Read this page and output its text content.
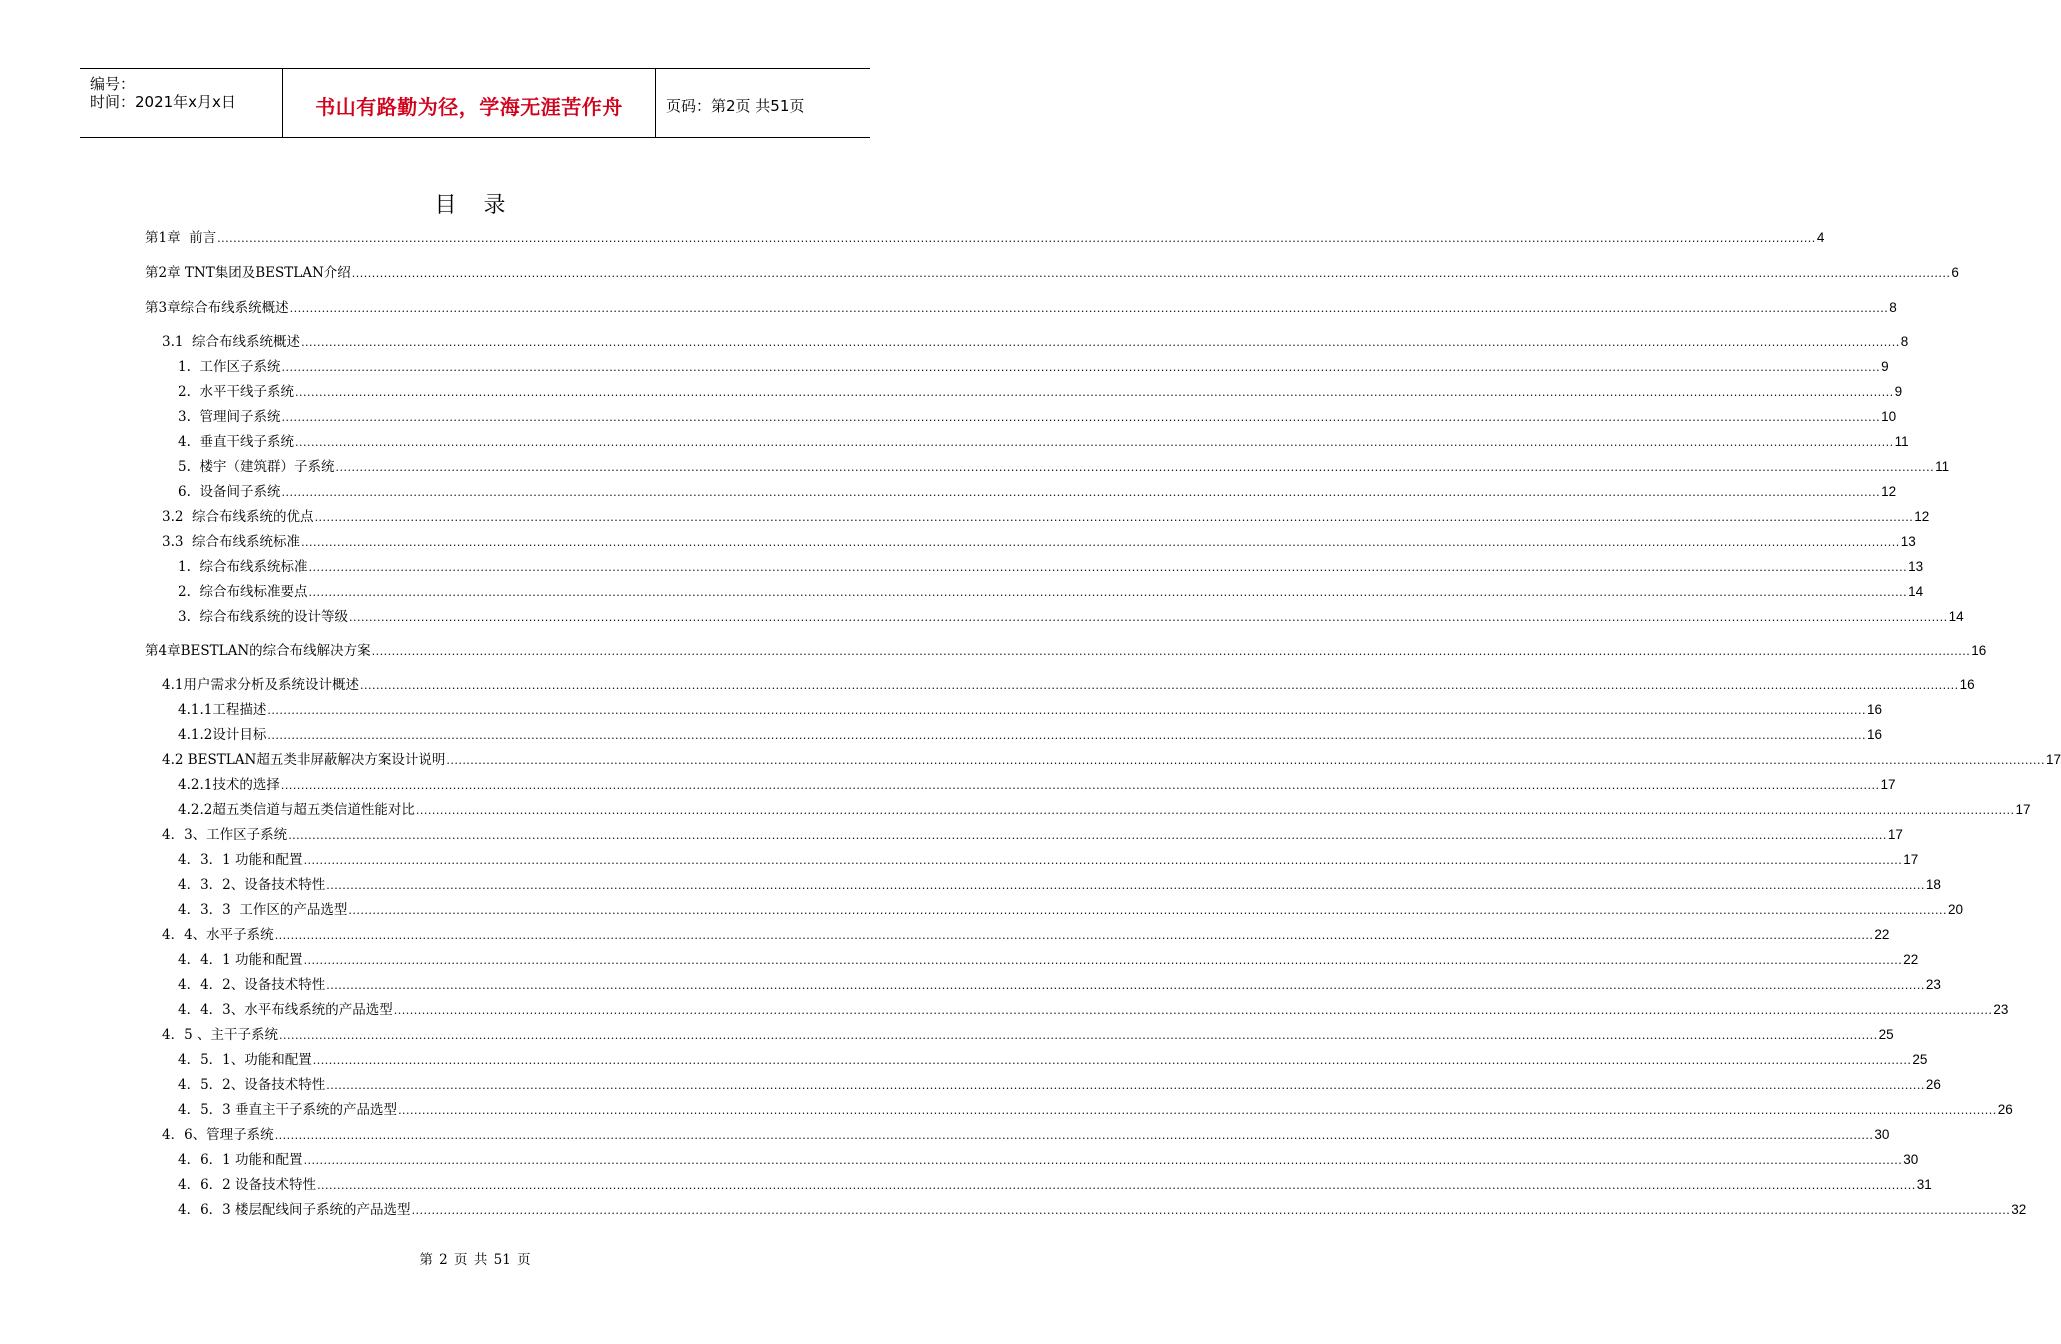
编号：
时间：2021年x月x日	书山有路勤为径，学海无涯苦作舟	页码：第2页 共51页
目 录
第1章  前言 ................................................................................................................................................................................................................................................................................................................................................................................................................ 4
第2章 TNT集团及BESTLAN介绍 ................................................................................................................................................................................................................................................................................................................................................................................................................ 6
第3章综合布线系统概述 ................................................................................................................................................................................................................................................................................................................................................................................................................ 8
3.1  综合布线系统概述 ................................................................................................................................................................................................................................................................................................................................................................................................................ 8
1.  工作区子系统 ................................................................................................................................................................................................................................................................................................................................................................................................................ 9
2.  水平干线子系统 ................................................................................................................................................................................................................................................................................................................................................................................................................ 9
3.  管理间子系统 ................................................................................................................................................................................................................................................................................................................................................................................................................ 10
4.  垂直干线子系统 ................................................................................................................................................................................................................................................................................................................................................................................................................ 11
5.  楼宇（建筑群）子系统 ................................................................................................................................................................................................................................................................................................................................................................................................................ 11
6.  设备间子系统 ................................................................................................................................................................................................................................................................................................................................................................................................................ 12
3.2  综合布线系统的优点 ................................................................................................................................................................................................................................................................................................................................................................................................................ 12
3.3  综合布线系统标准 ................................................................................................................................................................................................................................................................................................................................................................................................................ 13
1.  综合布线系统标准 ................................................................................................................................................................................................................................................................................................................................................................................................................ 13
2.  综合布线标准要点 ................................................................................................................................................................................................................................................................................................................................................................................................................ 14
3.  综合布线系统的设计等级 ................................................................................................................................................................................................................................................................................................................................................................................................................ 14
第4章BESTLAN的综合布线解决方案 ................................................................................................................................................................................................................................................................................................................................................................................................................ 16
4.1用户需求分析及系统设计概述 ................................................................................................................................................................................................................................................................................................................................................................................................................ 16
4.1.1工程描述 ................................................................................................................................................................................................................................................................................................................................................................................................................ 16
4.1.2设计目标 ................................................................................................................................................................................................................................................................................................................................................................................................................ 16
4.2 BESTLAN超五类非屏蔽解决方案设计说明 ................................................................................................................................................................................................................................................................................................................................................................................................................ 17
4.2.1技术的选择 ................................................................................................................................................................................................................................................................................................................................................................................................................ 17
4.2.2超五类信道与超五类信道性能对比 ................................................................................................................................................................................................................................................................................................................................................................................................................ 17
4．3、工作区子系统 ................................................................................................................................................................................................................................................................................................................................................................................................................ 17
4．3．1 功能和配置 ................................................................................................................................................................................................................................................................................................................................................................................................................ 17
4．3．2、设备技术特性 ................................................................................................................................................................................................................................................................................................................................................................................................................ 18
4．3．3  工作区的产品选型 ................................................................................................................................................................................................................................................................................................................................................................................................................ 20
4．4、水平子系统 ................................................................................................................................................................................................................................................................................................................................................................................................................ 22
4．4．1 功能和配置 ................................................................................................................................................................................................................................................................................................................................................................................................................ 22
4．4．2、设备技术特性 ................................................................................................................................................................................................................................................................................................................................................................................................................ 23
4．4．3、水平布线系统的产品选型 ................................................................................................................................................................................................................................................................................................................................................................................................................ 23
4．5 、主干子系统 ................................................................................................................................................................................................................................................................................................................................................................................................................ 25
4．5．1、功能和配置 ................................................................................................................................................................................................................................................................................................................................................................................................................ 25
4．5．2、设备技术特性 ................................................................................................................................................................................................................................................................................................................................................................................................................ 26
4．5．3 垂直主干子系统的产品选型 ................................................................................................................................................................................................................................................................................................................................................................................................................ 26
4．6、管理子系统 ................................................................................................................................................................................................................................................................................................................................................................................................................ 30
4．6．1 功能和配置 ................................................................................................................................................................................................................................................................................................................................................................................................................ 30
4．6．2 设备技术特性 ................................................................................................................................................................................................................................................................................................................................................................................................................ 31
4．6．3 楼层配线间子系统的产品选型 ................................................................................................................................................................................................................................................................................................................................................................................................................ 32
第 2 页 共 51 页
